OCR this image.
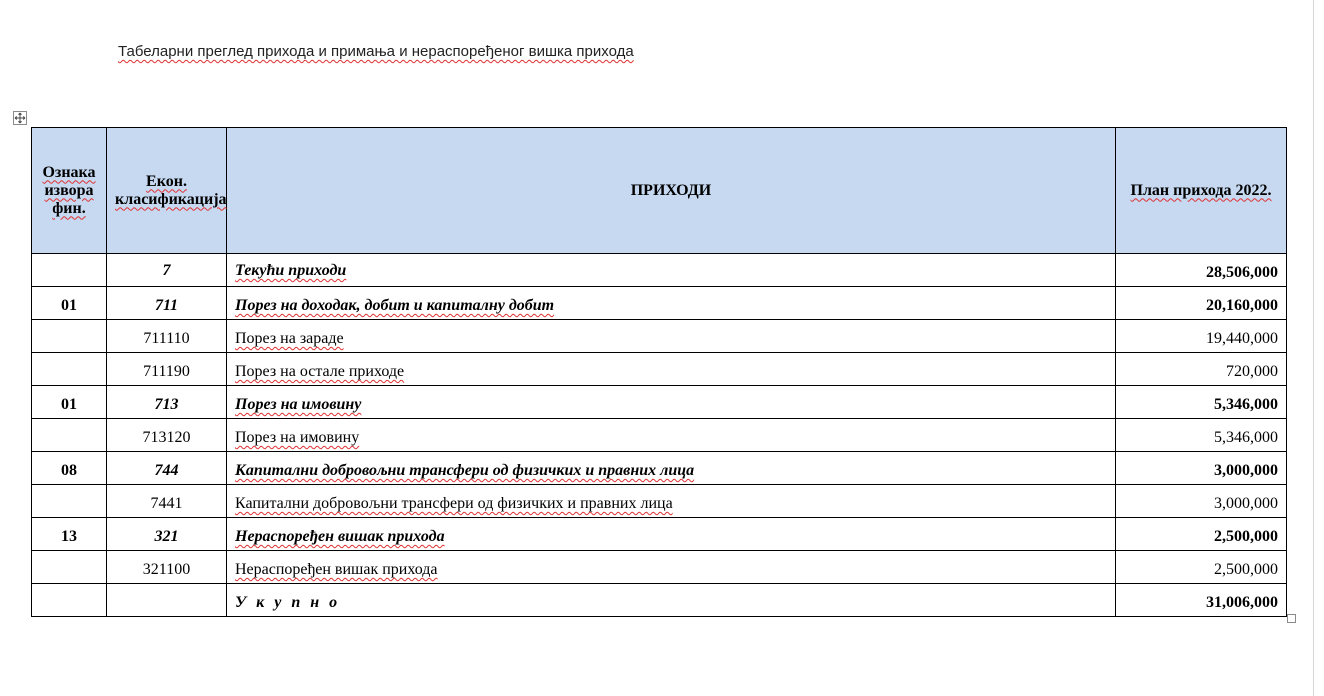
Табеларни преглед прихода и примања и нераспоређеног вишка прихода
Ознака извора фин.	Екон. класификација	ПРИХОДИ	План прихода 2022.
	7	Текући приходи	28,506,000
01	711	Порез на доходак, добит и капиталну добит	20,160,000
	711110	Порез на зараде	19,440,000
	711190	Порез на остале приходе	720,000
01	713	Порез на имовину	5,346,000
	713120	Порез на имовину	5,346,000
08	744	Капитални добровољни трансфери од физичких и правних лица	3,000,000
	7441	Капитални добровољни трансфери од физичких и правних лица	3,000,000
13	321	Нераспоређен вишак прихода	2,500,000
	321100	Нераспоређен вишак прихода	2,500,000
		У к у п н о	31,006,000
